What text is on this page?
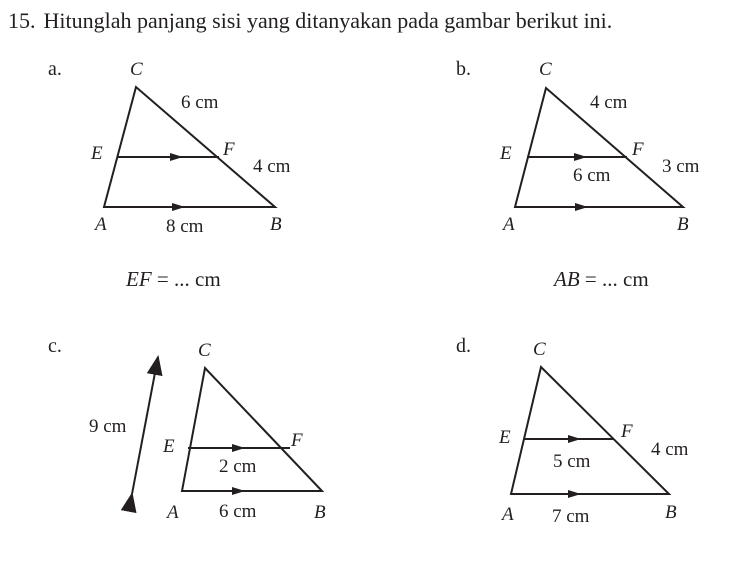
15. Hitunglah panjang sisi yang ditanyakan pada gambar berikut ini.
a.	C
E	F
A	B
6 cm
4 cm
8 cm
EF = ... cm
b.	C
E	F
A	B
4 cm
6 cm	3 cm
AB = ... cm
c.	C
E	F
A	B
9 cm
2 cm
6 cm
d.	C
E	F
A	B
4 cm
5 cm
7 cm
